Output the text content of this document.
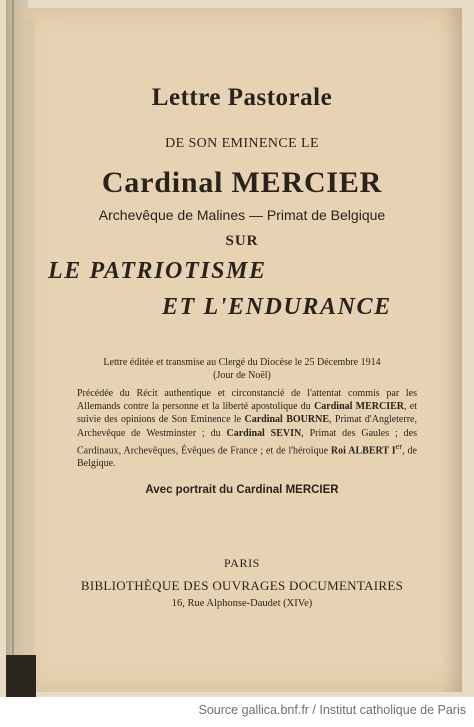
Lettre Pastorale
DE SON EMINENCE LE
Cardinal MERCIER
Archevêque de Malines — Primat de Belgique
SUR
LE PATRIOTISME
ET L'ENDURANCE
Lettre éditée et transmise au Clergé du Diocèse le 25 Décembre 1914
(Jour de Noël)
Précédée du Récit authentique et circonstancié de l'attentat commis par les Allemands contre la personne et la liberté apostolique du Cardinal MERCIER, et suivie des opinions de Son Eminence le Cardinal BOURNE, Primat d'Angleterre, Archevêque de Westminster ; du Cardinal SEVIN, Primat des Gaules ; des Cardinaux, Archevêques, Évêques de France ; et de l'héroïque Roi ALBERT Ier, de Belgique.
Avec portrait du Cardinal MERCIER
PARIS
BIBLIOTHÈQUE DES OUVRAGES DOCUMENTAIRES
16, Rue Alphonse-Daudet (XIVe)
Source gallica.bnf.fr / Institut catholique de Paris
